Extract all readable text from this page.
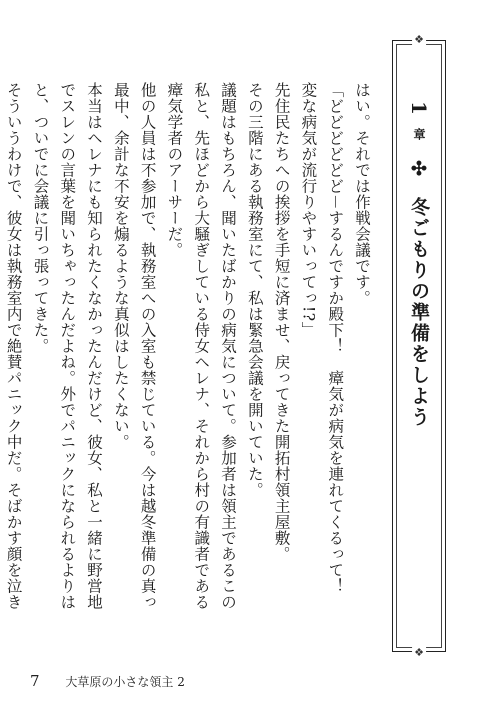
❖
1 章 ✣ 冬ごもりの準備をしよう
❖

はい。それでは作戦会議です。

「どどどどどど－するんですか殿下！　瘴気が病気を連れてくるって！　変な病気が流行りやすいってっ!?」

先住民たちへの挨拶を手短に済ませ、戻ってきた開拓村領主屋敷。

その三階にある執務室にて、私は緊急会議を開いていた。

議題はもちろん、聞いたばかりの病気について。参加者は領主であるこの私と、先ほどから大騒ぎしている侍女ヘレナ、それから村の有識者である瘴気学者のアーサーだ。

他の人員は不参加で、執務室への入室も禁じている。今は越冬準備の真っ最中、余計な不安を煽るような真似はしたくない。

本当はヘレナにも知られたくなかったんだけど、彼女、私と一緒に野営地でスレンの言葉を聞いちゃったんだよね。外でパニックになられるよりはと、ついでに会議に引っ張ってきた。

そういうわけで、彼女は執務室内で絶賛パニック中だ。そばかす顔を泣き

7 大草原の小さな領主 2
